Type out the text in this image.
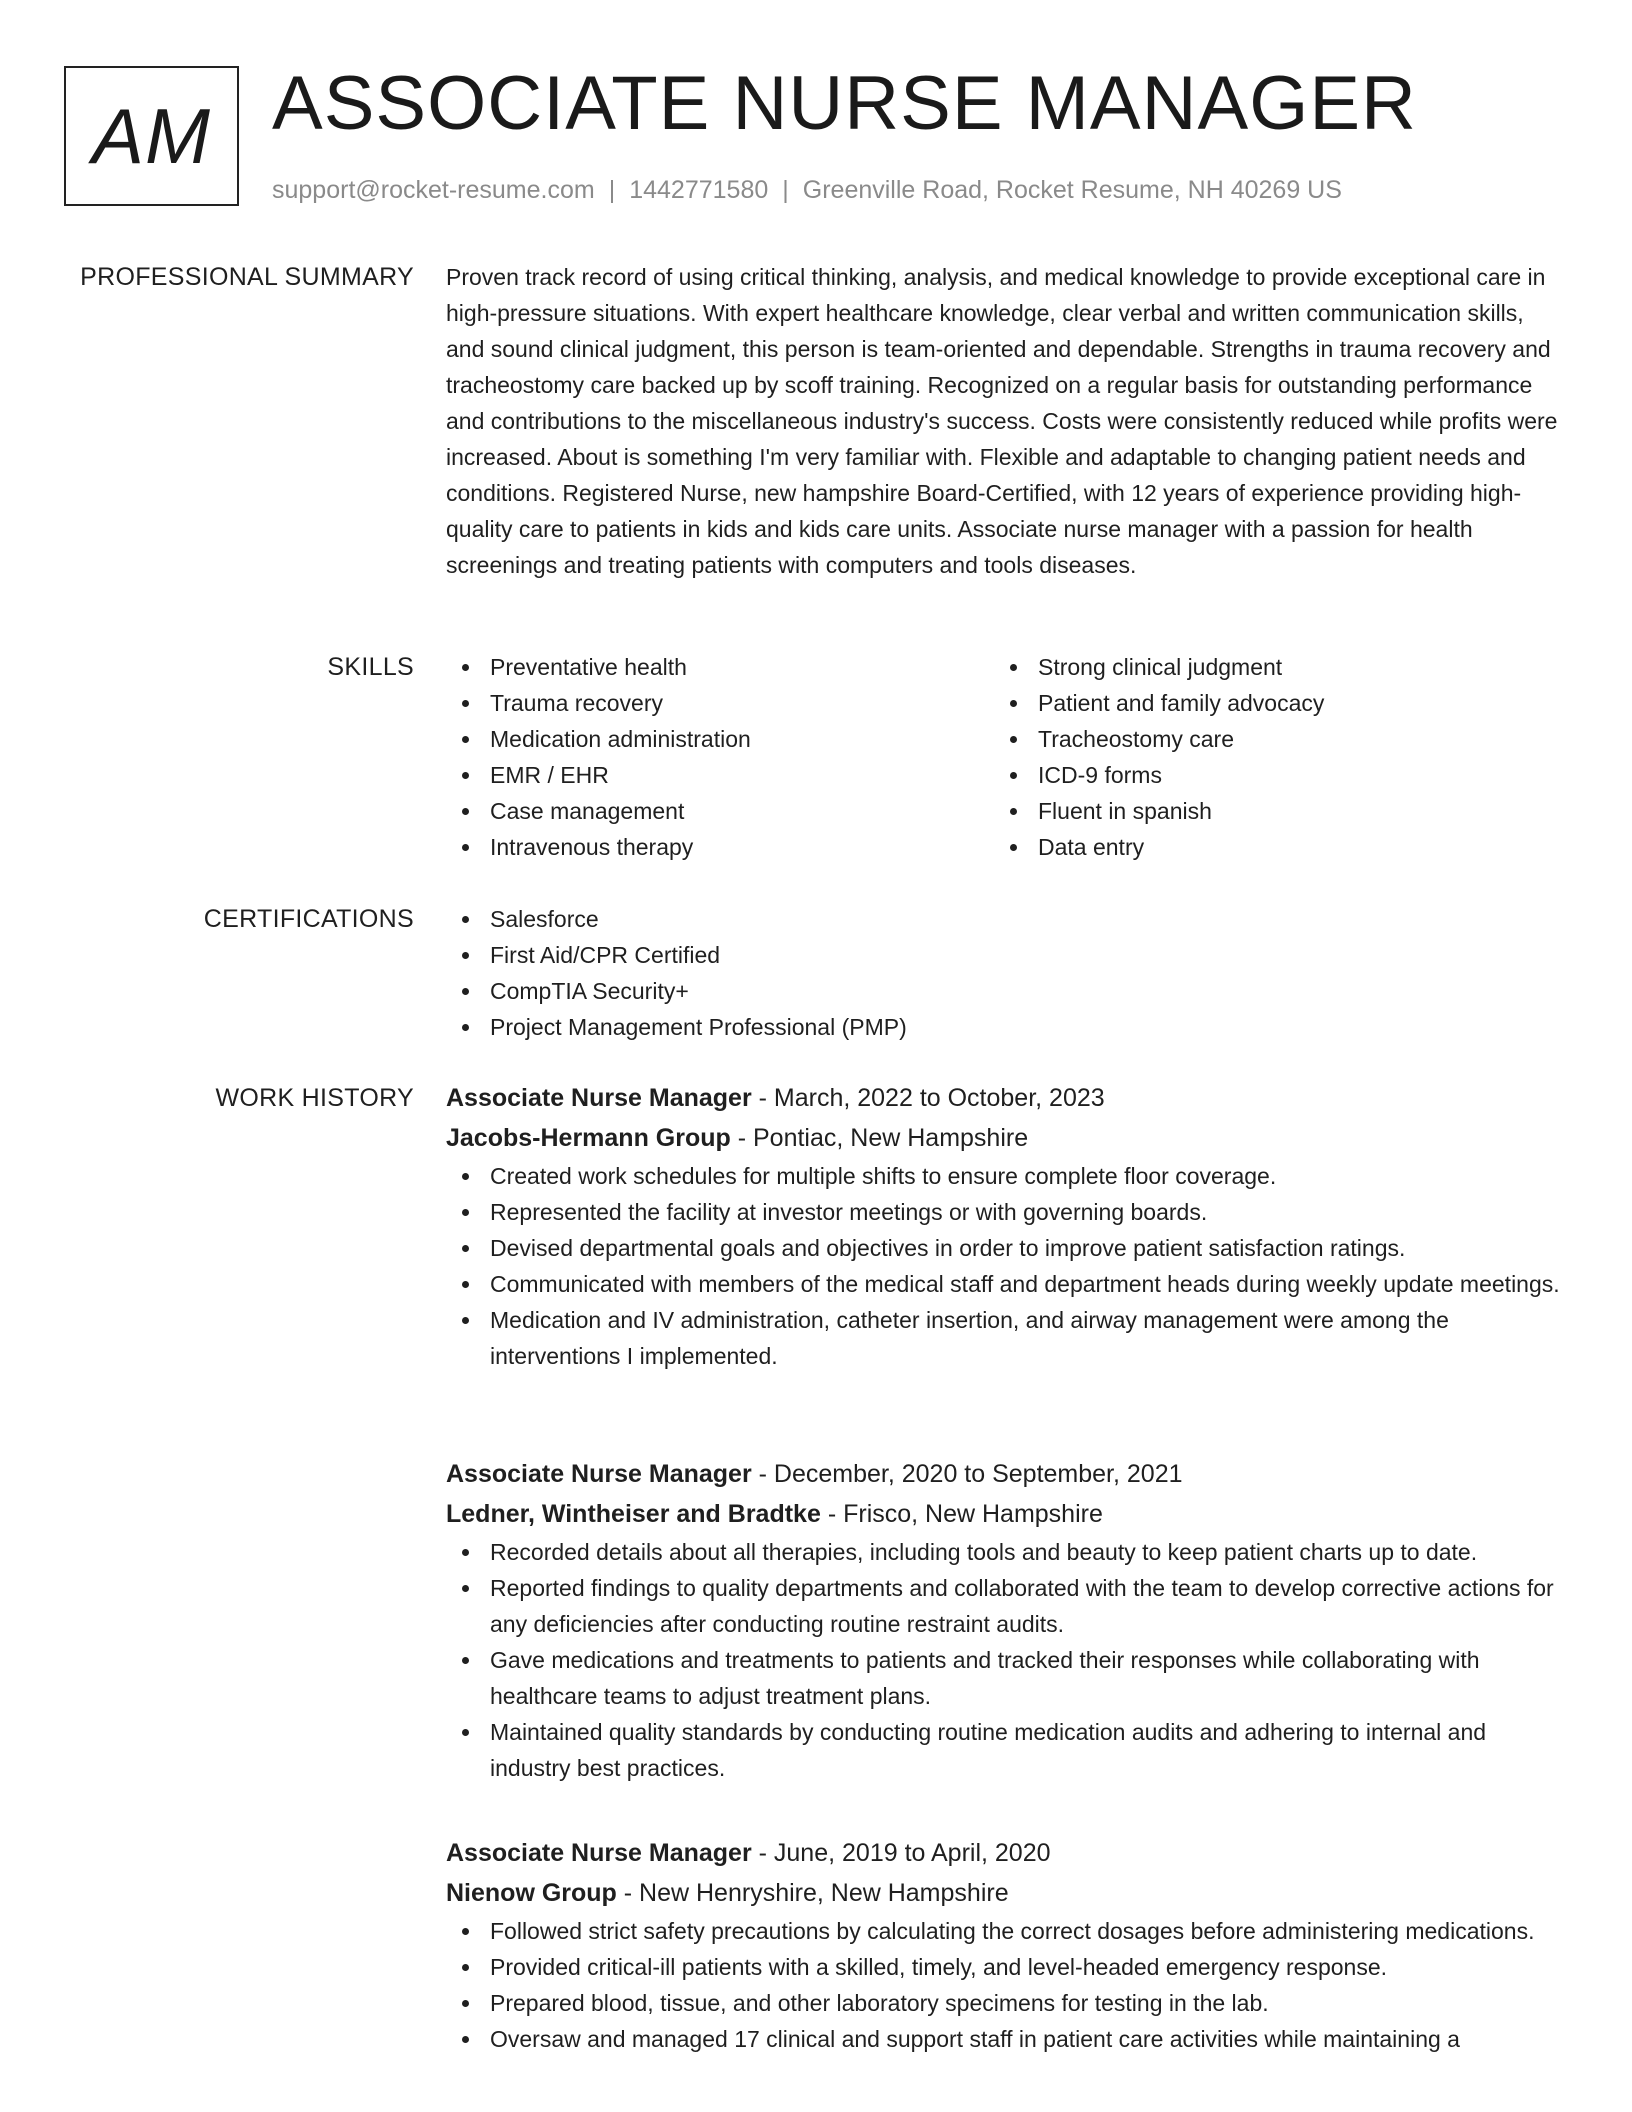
AM ASSOCIATE NURSE MANAGER
support@rocket-resume.com | 1442771580 | Greenville Road, Rocket Resume, NH 40269 US
PROFESSIONAL SUMMARY Proven track record of using critical thinking, analysis, and medical knowledge to provide exceptional care in high-pressure situations. With expert healthcare knowledge, clear verbal and written communication skills, and sound clinical judgment, this person is team-oriented and dependable. Strengths in trauma recovery and tracheostomy care backed up by scoff training. Recognized on a regular basis for outstanding performance and contributions to the miscellaneous industry's success. Costs were consistently reduced while profits were increased. About is something I'm very familiar with. Flexible and adaptable to changing patient needs and conditions. Registered Nurse, new hampshire Board-Certified, with 12 years of experience providing high-quality care to patients in kids and kids care units. Associate nurse manager with a passion for health screenings and treating patients with computers and tools diseases.

SKILLS	Preventative health
Trauma recovery
Medication administration
EMR / EHR
Case management
Intravenous therapy
Strong clinical judgment
Patient and family advocacy
Tracheostomy care
ICD-9 forms
Fluent in spanish
Data entry
CERTIFICATIONS	Salesforce
First Aid/CPR Certified
CompTIA Security+
Project Management Professional (PMP)
WORK HISTORY Associate Nurse Manager - March, 2022 to October, 2023
Jacobs-Hermann Group - Pontiac, New Hampshire
Created work schedules for multiple shifts to ensure complete floor coverage.
Represented the facility at investor meetings or with governing boards.
Devised departmental goals and objectives in order to improve patient satisfaction ratings.
Communicated with members of the medical staff and department heads during weekly update meetings.
Medication and IV administration, catheter insertion, and airway management were among the interventions I implemented.
Associate Nurse Manager - December, 2020 to September, 2021
Ledner, Wintheiser and Bradtke - Frisco, New Hampshire
Recorded details about all therapies, including tools and beauty to keep patient charts up to date.
Reported findings to quality departments and collaborated with the team to develop corrective actions for any deficiencies after conducting routine restraint audits.
Gave medications and treatments to patients and tracked their responses while collaborating with healthcare teams to adjust treatment plans.
Maintained quality standards by conducting routine medication audits and adhering to internal and industry best practices.
Associate Nurse Manager - June, 2019 to April, 2020
Nienow Group - New Henryshire, New Hampshire
Followed strict safety precautions by calculating the correct dosages before administering medications.
Provided critical-ill patients with a skilled, timely, and level-headed emergency response.
Prepared blood, tissue, and other laboratory specimens for testing in the lab.
Oversaw and managed 17 clinical and support staff in patient care activities while maintaining a
